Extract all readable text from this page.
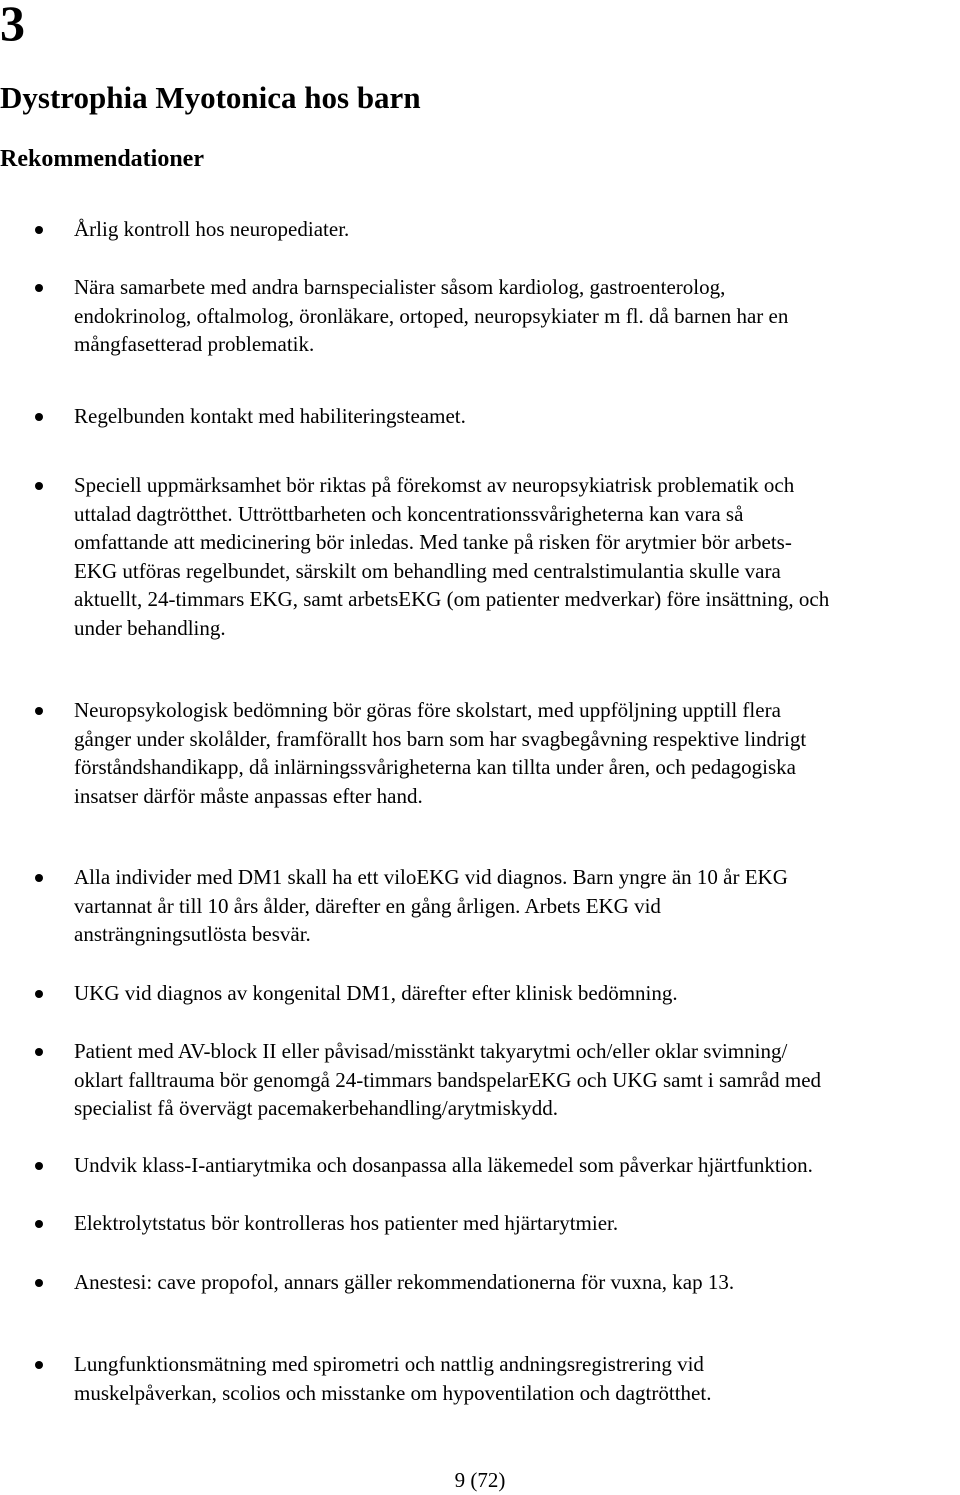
3
Dystrophia Myotonica hos barn
Rekommendationer
Årlig kontroll hos neuropediater.
Nära samarbete med andra barnspecialister såsom kardiolog, gastroenterolog,
endokrinolog, oftalmolog, öronläkare, ortoped, neuropsykiater m fl. då barnen har en
mångfasetterad problematik.
Regelbunden kontakt med habiliteringsteamet.
Speciell uppmärksamhet bör riktas på förekomst av neuropsykiatrisk problematik och
uttalad dagtrötthet. Uttröttbarheten och koncentrationssvårigheterna kan vara så
omfattande att medicinering bör inledas. Med tanke på risken för arytmier bör arbets-
EKG utföras regelbundet, särskilt om behandling med centralstimulantia skulle vara
aktuellt, 24-timmars EKG, samt arbetsEKG (om patienter medverkar) före insättning, och
under behandling.
Neuropsykologisk bedömning bör göras före skolstart, med uppföljning upptill flera
gånger under skolålder, framförallt hos barn som har svagbegåvning respektive lindrigt
förståndshandikapp, då inlärningssvårigheterna kan tillta under åren, och pedagogiska
insatser därför måste anpassas efter hand.
Alla individer med DM1 skall ha ett viloEKG vid diagnos. Barn yngre än 10 år EKG
vartannat år till 10 års ålder, därefter en gång årligen. Arbets EKG vid
ansträngningsutlösta besvär.
UKG vid diagnos av kongenital DM1, därefter efter klinisk bedömning.
Patient med AV-block II eller påvisad/misstänkt takyarytmi och/eller oklar svimning/
oklart falltrauma bör genomgå 24-timmars bandspelarEKG och UKG samt i samråd med
specialist få övervägt pacemakerbehandling/arytmiskydd.
Undvik klass-I-antiarytmika och dosanpassa alla läkemedel som påverkar hjärtfunktion.
Elektrolytstatus bör kontrolleras hos patienter med hjärtarytmier.
Anestesi: cave propofol, annars gäller rekommendationerna för vuxna, kap 13.
Lungfunktionsmätning med spirometri och nattlig andningsregistrering vid
muskelpåverkan, scolios och misstanke om hypoventilation och dagtrötthet.
9 (72)
